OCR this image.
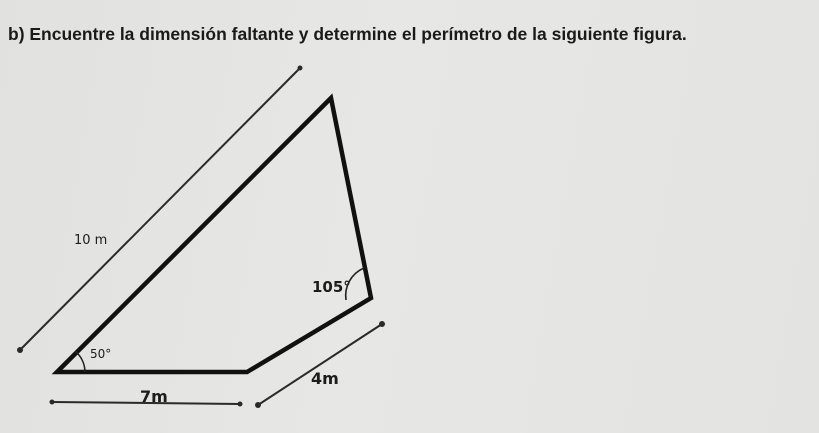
b) Encuentre la dimensión faltante y determine el perímetro de la siguiente figura.

10 m
50°
105°
7m
4m
